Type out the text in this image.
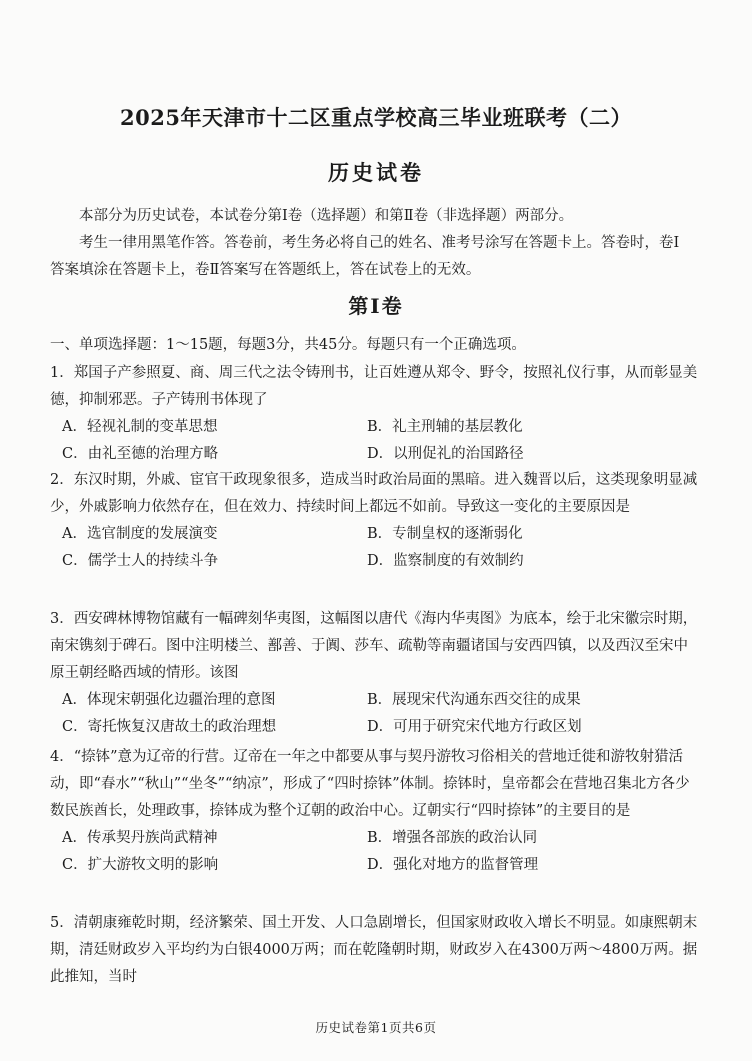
2025年天津市十二区重点学校高三毕业班联考（二）
历史试卷

本部分为历史试卷，本试卷分第Ⅰ卷（选择题）和第Ⅱ卷（非选择题）两部分。

考生一律用黑笔作答。答卷前，考生务必将自己的姓名、准考号涂写在答题卡上。答卷时，卷Ⅰ答案填涂在答题卡上，卷Ⅱ答案写在答题纸上，答在试卷上的无效。

第Ⅰ卷
一、单项选择题：1～15题，每题3分，共45分。每题只有一个正确选项。

1．郑国子产参照夏、商、周三代之法令铸刑书，让百姓遵从郑令、野令，按照礼仪行事，从而彰显美德，抑制邪恶。子产铸刑书体现了

A．轻视礼制的变革思想	B．礼主刑辅的基层教化
C．由礼至德的治理方略	D．以刑促礼的治国路径

2．东汉时期，外戚、宦官干政现象很多，造成当时政治局面的黑暗。进入魏晋以后，这类现象明显减少，外戚影响力依然存在，但在效力、持续时间上都远不如前。导致这一变化的主要原因是

A．选官制度的发展演变	B．专制皇权的逐渐弱化
C．儒学士人的持续斗争	D．监察制度的有效制约

3．西安碑林博物馆藏有一幅碑刻华夷图，这幅图以唐代《海内华夷图》为底本，绘于北宋徽宗时期，南宋镌刻于碑石。图中注明楼兰、鄯善、于阗、莎车、疏勒等南疆诸国与安西四镇，以及西汉至宋中原王朝经略西域的情形。该图

A．体现宋朝强化边疆治理的意图	B．展现宋代沟通东西交往的成果
C．寄托恢复汉唐故土的政治理想	D．可用于研究宋代地方行政区划

4．“捺钵”意为辽帝的行营。辽帝在一年之中都要从事与契丹游牧习俗相关的营地迁徙和游牧射猎活动，即“春水”“秋山”“坐冬”“纳凉”，形成了“四时捺钵”体制。捺钵时，皇帝都会在营地召集北方各少数民族酋长，处理政事，捺钵成为整个辽朝的政治中心。辽朝实行“四时捺钵”的主要目的是

A．传承契丹族尚武精神	B．增强各部族的政治认同
C．扩大游牧文明的影响	D．强化对地方的监督管理

5．清朝康雍乾时期，经济繁荣、国土开发、人口急剧增长，但国家财政收入增长不明显。如康熙朝末期，清廷财政岁入平均约为白银4000万两；而在乾隆朝时期，财政岁入在4300万两～4800万两。据此推知，当时

历史试卷第1页共6页
